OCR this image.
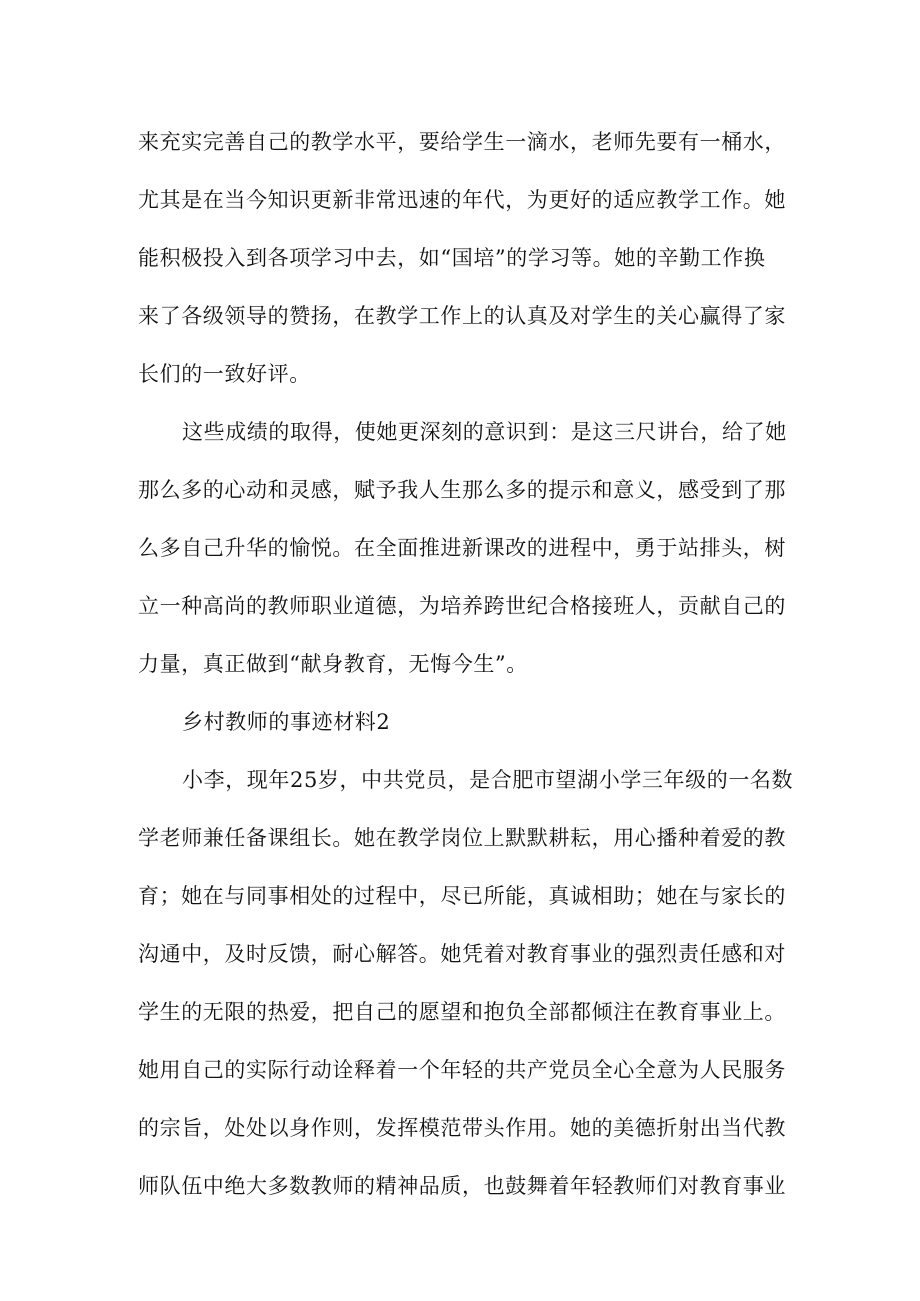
来充实完善自己的教学水平，要给学生一滴水，老师先要有一桶水，
尤其是在当今知识更新非常迅速的年代，为更好的适应教学工作。她
能积极投入到各项学习中去，如“国培”的学习等。她的辛勤工作换
来了各级领导的赞扬，在教学工作上的认真及对学生的关心赢得了家
长们的一致好评。
这些成绩的取得，使她更深刻的意识到：是这三尺讲台，给了她
那么多的心动和灵感，赋予我人生那么多的提示和意义，感受到了那
么多自己升华的愉悦。在全面推进新课改的进程中，勇于站排头，树
立一种高尚的教师职业道德，为培养跨世纪合格接班人，贡献自己的
力量，真正做到“献身教育，无悔今生”。
乡村教师的事迹材料2
小李，现年25岁，中共党员，是合肥市望湖小学三年级的一名数
学老师兼任备课组长。她在教学岗位上默默耕耘，用心播种着爱的教
育；她在与同事相处的过程中，尽已所能，真诚相助；她在与家长的
沟通中，及时反馈，耐心解答。她凭着对教育事业的强烈责任感和对
学生的无限的热爱，把自己的愿望和抱负全部都倾注在教育事业上。
她用自己的实际行动诠释着一个年轻的共产党员全心全意为人民服务
的宗旨，处处以身作则，发挥模范带头作用。她的美德折射出当代教
师队伍中绝大多数教师的精神品质，也鼓舞着年轻教师们对教育事业
